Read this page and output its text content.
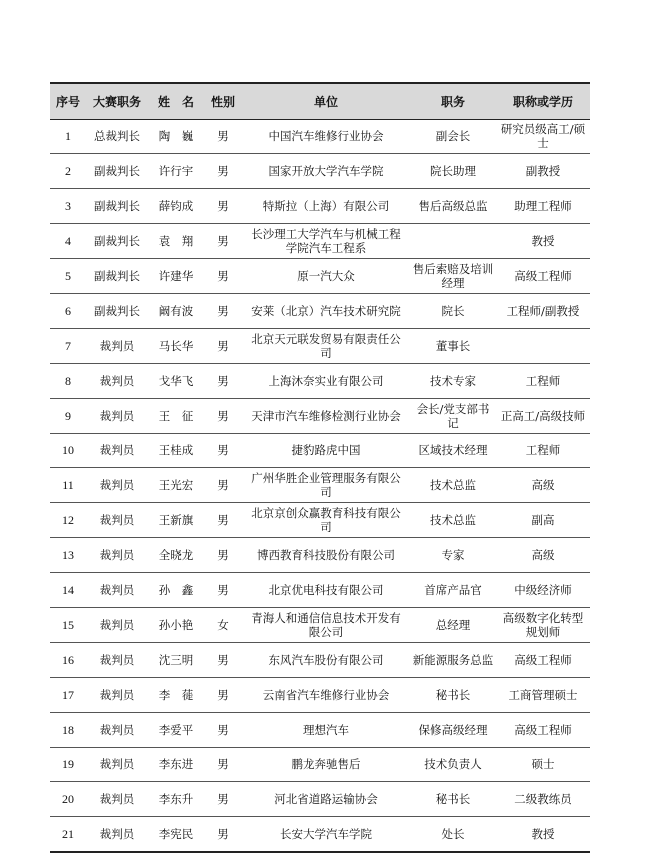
序号	大赛职务	姓　名	性别	单位	职务	职称或学历
1	总裁判长	陶　巍	男	中国汽车维修行业协会	副会长	研究员级高工/硕士
2	副裁判长	许行宇	男	国家开放大学汽车学院	院长助理	副教授
3	副裁判长	薛钧成	男	特斯拉（上海）有限公司	售后高级总监	助理工程师
4	副裁判长	袁　翔	男	长沙理工大学汽车与机械工程学院汽车工程系		教授
5	副裁判长	许建华	男	原一汽大众	售后索赔及培训经理	高级工程师
6	副裁判长	阚有波	男	安莱（北京）汽车技术研究院	院长	工程师/副教授
7	裁判员	马长华	男	北京天元联发贸易有限责任公司	董事长	
8	裁判员	戈华飞	男	上海沐奈实业有限公司	技术专家	工程师
9	裁判员	王　征	男	天津市汽车维修检测行业协会	会长/党支部书记	正高工/高级技师
10	裁判员	王桂成	男	捷豹路虎中国	区域技术经理	工程师
11	裁判员	王光宏	男	广州华胜企业管理服务有限公司	技术总监	高级
12	裁判员	王新旗	男	北京京创众赢教育科技有限公司	技术总监	副高
13	裁判员	全晓龙	男	博西教育科技股份有限公司	专家	高级
14	裁判员	孙　鑫	男	北京优电科技有限公司	首席产品官	中级经济师
15	裁判员	孙小艳	女	青海人和通信信息技术开发有限公司	总经理	高级数字化转型规划师
16	裁判员	沈三明	男	东风汽车股份有限公司	新能源服务总监	高级工程师
17	裁判员	李　蓰	男	云南省汽车维修行业协会	秘书长	工商管理硕士
18	裁判员	李爱平	男	理想汽车	保修高级经理	高级工程师
19	裁判员	李东进	男	鹏龙奔驰售后	技术负责人	硕士
20	裁判员	李东升	男	河北省道路运输协会	秘书长	二级教练员
21	裁判员	李宪民	男	长安大学汽车学院	处长	教授
